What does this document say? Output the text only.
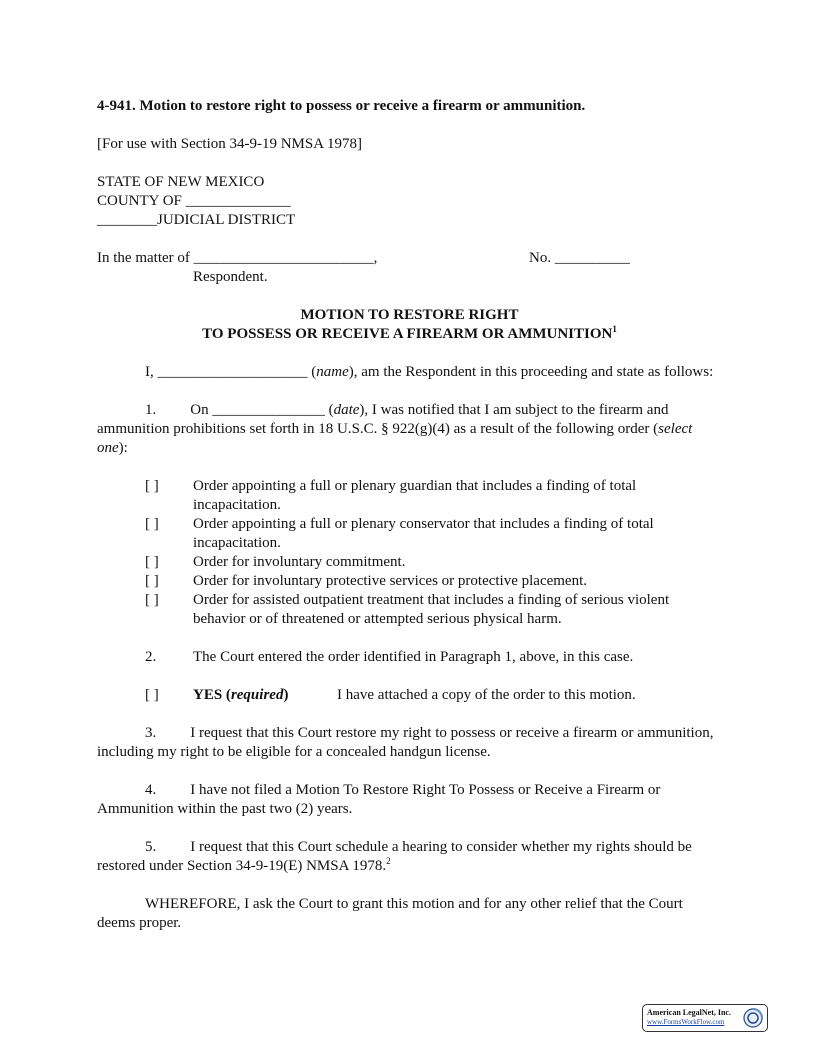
4-941. Motion to restore right to possess or receive a firearm or ammunition.

[For use with Section 34-9-19 NMSA 1978]

STATE OF NEW MEXICO

COUNTY OF ______________

________JUDICIAL DISTRICT

In the matter of ________________________,	No. __________
Respondent.

MOTION TO RESTORE RIGHT

TO POSSESS OR RECEIVE A FIREARM OR AMMUNITION$^1$

I, ____________________ (name), am the Respondent in this proceeding and state as follows:

1. On _______________ (date), I was notified that I am subject to the firearm and ammunition prohibitions set forth in 18 U.S.C. § 922(g)(4) as a result of the following order (select one):

[ ]	Order appointing a full or plenary guardian that includes a finding of total incapacitation.
[ ]	Order appointing a full or plenary conservator that includes a finding of total incapacitation.
[ ]	Order for involuntary commitment.
[ ]	Order for involuntary protective services or protective placement.
[ ]	Order for assisted outpatient treatment that includes a finding of serious violent behavior or of threatened or attempted serious physical harm.
2.	The Court entered the order identified in Paragraph 1, above, in this case.
[ ]	YES (required)	I have attached a copy of the order to this motion.

3. I request that this Court restore my right to possess or receive a firearm or ammunition, including my right to be eligible for a concealed handgun license.

4. I have not filed a Motion To Restore Right To Possess or Receive a Firearm or Ammunition within the past two (2) years.

5. I request that this Court schedule a hearing to consider whether my rights should be restored under Section 34-9-19(E) NMSA 1978.$^2$

WHEREFORE, I ask the Court to grant this motion and for any other relief that the Court deems proper.

American LegalNet, Inc.
www.FormsWorkFlow.com
